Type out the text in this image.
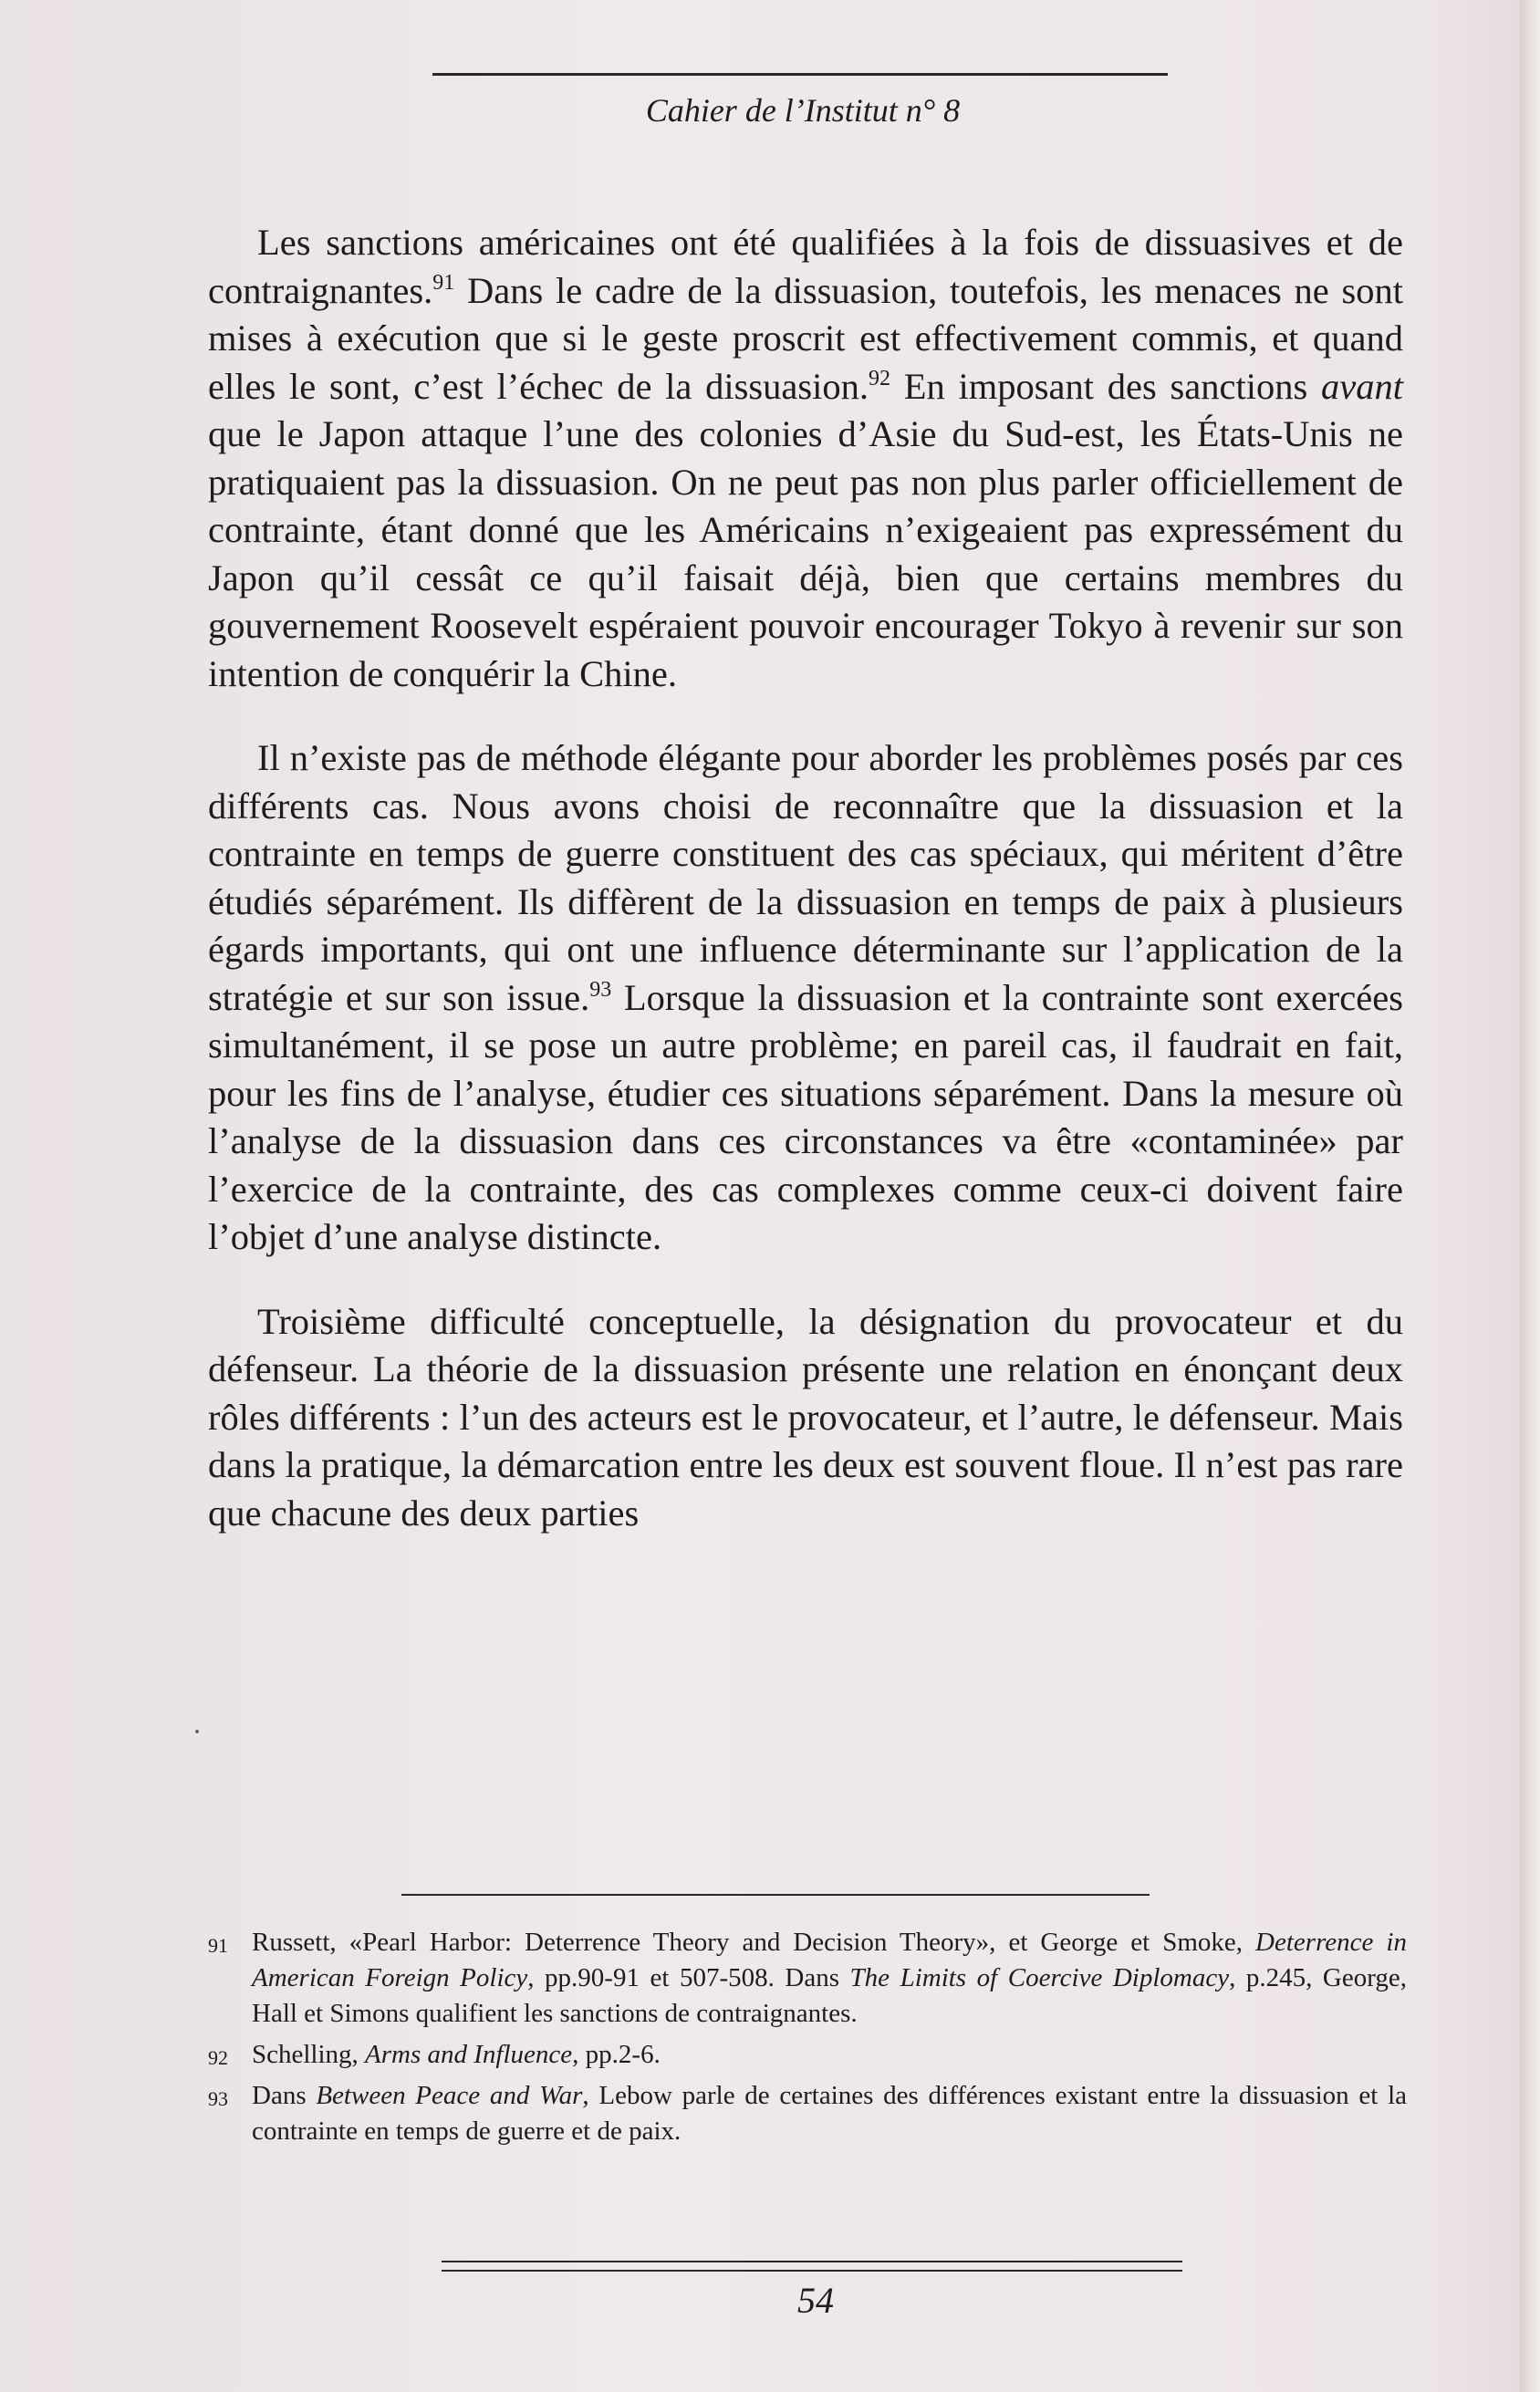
Cahier de l’Institut n° 8

Les sanctions américaines ont été qualifiées à la fois de dissuasives et de contraignantes.$^{91}$ Dans le cadre de la dissuasion, toutefois, les menaces ne sont mises à exécution que si le geste proscrit est effectivement commis, et quand elles le sont, c’est l’échec de la dissuasion.$^{92}$ En imposant des sanctions avant que le Japon attaque l’une des colonies d’Asie du Sud-est, les États-Unis ne pratiquaient pas la dissuasion. On ne peut pas non plus parler officiellement de contrainte, étant donné que les Américains n’exigeaient pas expressément du Japon qu’il cessât ce qu’il faisait déjà, bien que certains membres du gouvernement Roosevelt espéraient pouvoir encourager Tokyo à revenir sur son intention de conquérir la Chine.

Il n’existe pas de méthode élégante pour aborder les problèmes posés par ces différents cas. Nous avons choisi de reconnaître que la dissuasion et la contrainte en temps de guerre constituent des cas spéciaux, qui méritent d’être étudiés séparément. Ils diffèrent de la dissuasion en temps de paix à plusieurs égards importants, qui ont une influence déterminante sur l’application de la stratégie et sur son issue.$^{93}$ Lorsque la dissuasion et la contrainte sont exercées simultanément, il se pose un autre problème; en pareil cas, il faudrait en fait, pour les fins de l’analyse, étudier ces situations séparément. Dans la mesure où l’analyse de la dissuasion dans ces circonstances va être «contaminée» par l’exercice de la contrainte, des cas complexes comme ceux-ci doivent faire l’objet d’une analyse distincte.

Troisième difficulté conceptuelle, la désignation du provocateur et du défenseur. La théorie de la dissuasion présente une relation en énonçant deux rôles différents : l’un des acteurs est le provocateur, et l’autre, le défenseur. Mais dans la pratique, la démarcation entre les deux est souvent floue. Il n’est pas rare que chacune des deux parties

91 Russett, «Pearl Harbor: Deterrence Theory and Decision Theory», et George et Smoke, Deterrence in American Foreign Policy, pp.90-91 et 507-508. Dans The Limits of Coercive Diplomacy, p.245, George, Hall et Simons qualifient les sanctions de contraignantes.
92 Schelling, Arms and Influence, pp.2-6.
93 Dans Between Peace and War, Lebow parle de certaines des différences existant entre la dissuasion et la contrainte en temps de guerre et de paix.
54
